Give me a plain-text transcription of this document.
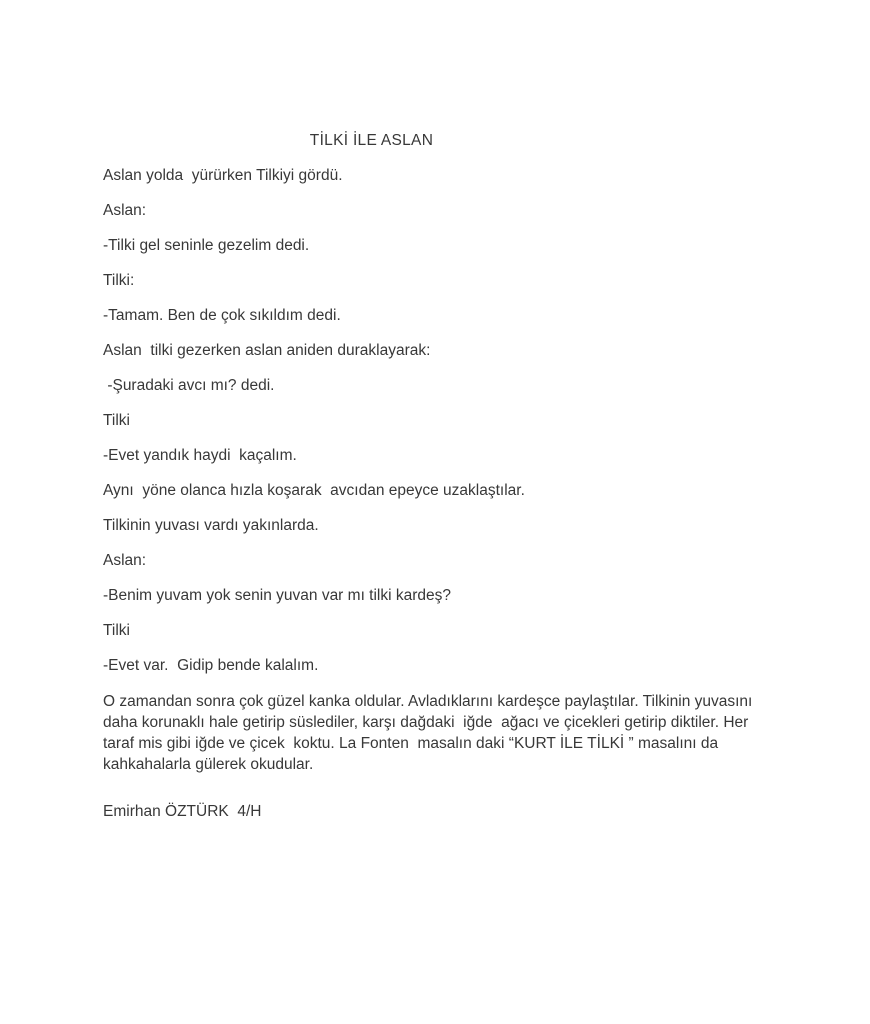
TİLKİ İLE ASLAN

Aslan yolda  yürürken Tilkiyi gördü.

Aslan:

-Tilki gel seninle gezelim dedi.

Tilki:

-Tamam. Ben de çok sıkıldım dedi.

Aslan  tilki gezerken aslan aniden duraklayarak:

-Şuradaki avcı mı? dedi.

Tilki

-Evet yandık haydi  kaçalım.

Aynı  yöne olanca hızla koşarak  avcıdan epeyce uzaklaştılar.

Tilkinin yuvası vardı yakınlarda.

Aslan:

-Benim yuvam yok senin yuvan var mı tilki kardeş?

Tilki

-Evet var.  Gidip bende kalalım.

O zamandan sonra çok güzel kanka oldular. Avladıklarını kardeşce paylaştılar. Tilkinin yuvasını daha korunaklı hale getirip süslediler, karşı dağdaki  iğde  ağacı ve çicekleri getirip diktiler. Her taraf mis gibi iğde ve çicek  koktu. La Fonten  masalın daki “KURT İLE TİLKİ ” masalını da kahkahalarla gülerek okudular.

Emirhan ÖZTÜRK  4/H
